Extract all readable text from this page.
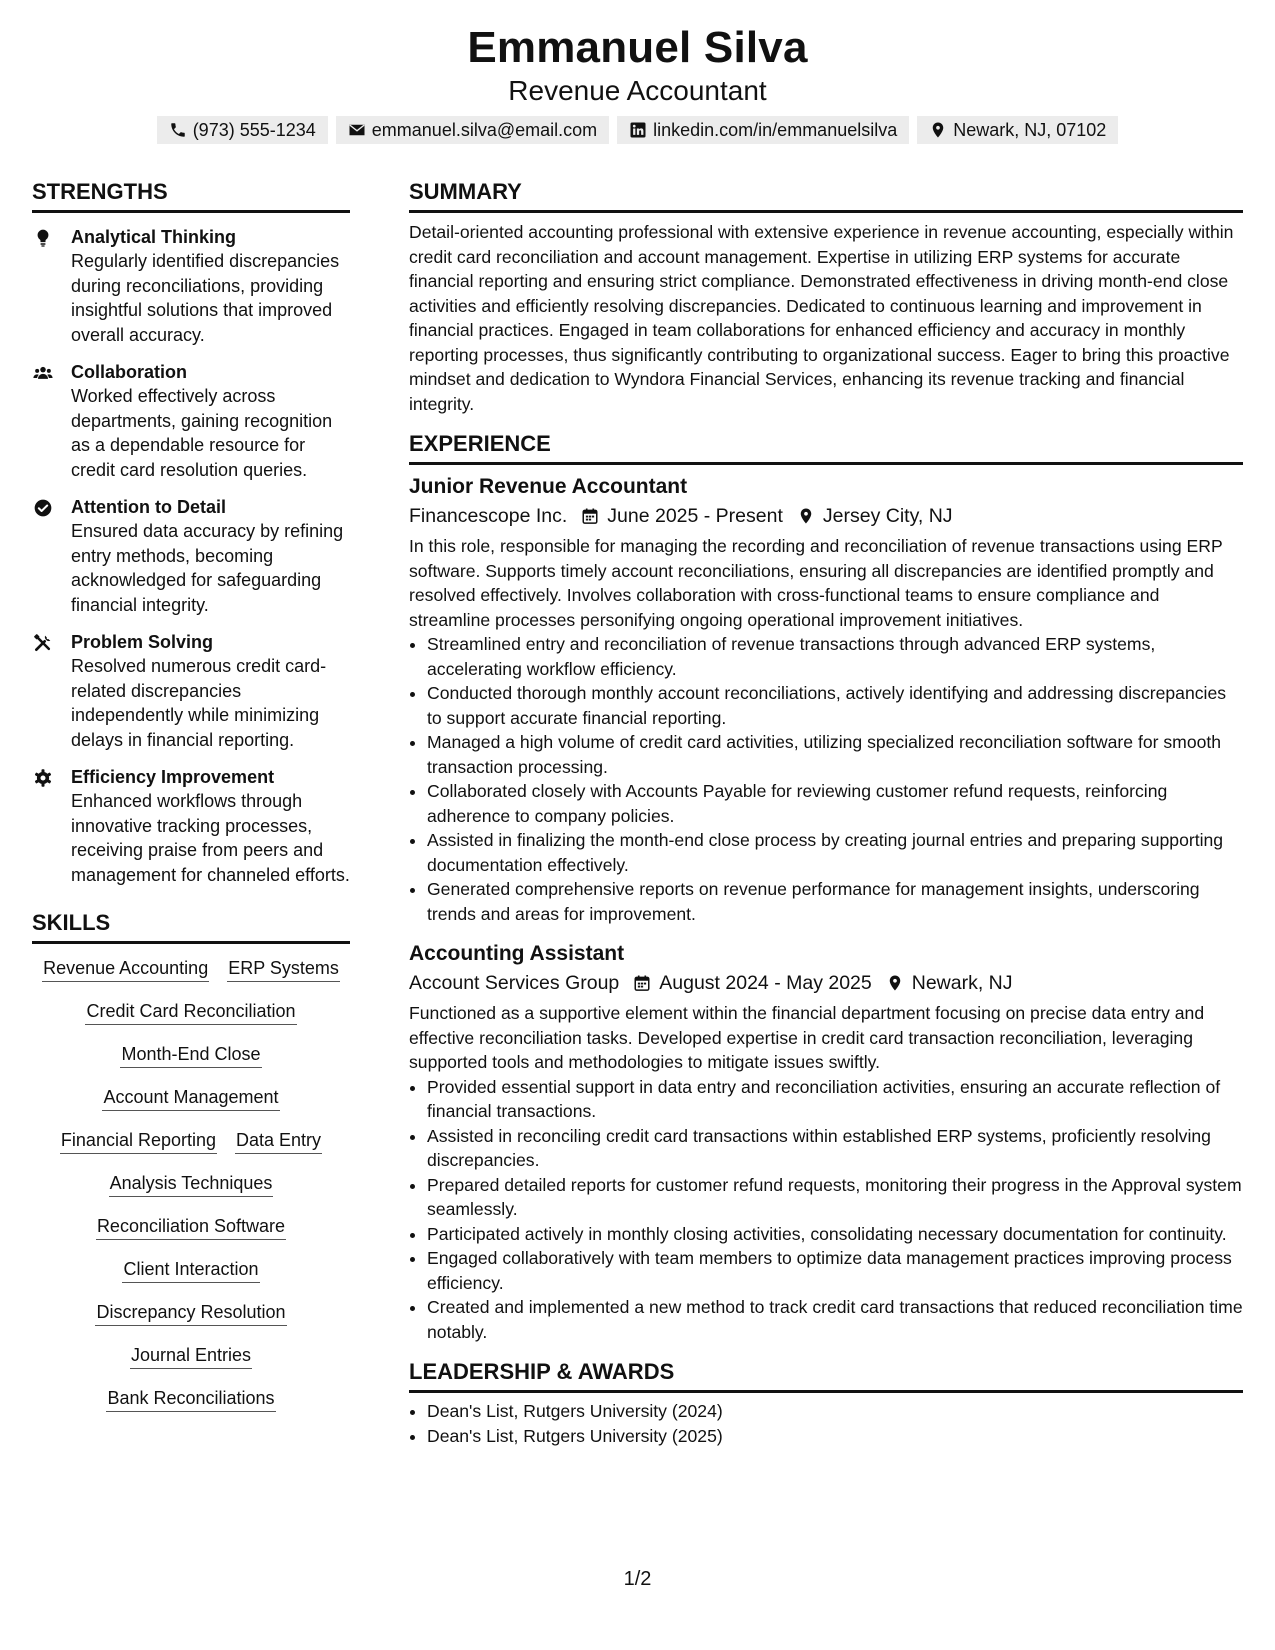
Emmanuel Silva
Revenue Accountant
(973) 555-1234	emmanuel.silva@email.com	linkedin.com/in/emmanuelsilva	Newark, NJ, 07102
STRENGTHS
Analytical Thinking
Regularly identified discrepancies during reconciliations, providing insightful solutions that improved overall accuracy.
Collaboration
Worked effectively across departments, gaining recognition as a dependable resource for credit card resolution queries.
Attention to Detail
Ensured data accuracy by refining entry methods, becoming acknowledged for safeguarding financial integrity.
Problem Solving
Resolved numerous credit card-related discrepancies independently while minimizing delays in financial reporting.
Efficiency Improvement
Enhanced workflows through innovative tracking processes, receiving praise from peers and management for channeled efforts.
SKILLS
Revenue Accounting ERP Systems
Credit Card Reconciliation
Month-End Close
Account Management
Financial Reporting Data Entry
Analysis Techniques
Reconciliation Software
Client Interaction
Discrepancy Resolution
Journal Entries
Bank Reconciliations
SUMMARY

Detail-oriented accounting professional with extensive experience in revenue accounting, especially within credit card reconciliation and account management. Expertise in utilizing ERP systems for accurate financial reporting and ensuring strict compliance. Demonstrated effectiveness in driving month-end close activities and efficiently resolving discrepancies. Dedicated to continuous learning and improvement in financial practices. Engaged in team collaborations for enhanced efficiency and accuracy in monthly reporting processes, thus significantly contributing to organizational success. Eager to bring this proactive mindset and dedication to Wyndora Financial Services, enhancing its revenue tracking and financial integrity.

EXPERIENCE
Junior Revenue Accountant
Financescope Inc. June 2025 - Present Jersey City, NJ
In this role, responsible for managing the recording and reconciliation of revenue transactions using ERP software. Supports timely account reconciliations, ensuring all discrepancies are identified promptly and resolved effectively. Involves collaboration with cross-functional teams to ensure compliance and streamline processes personifying ongoing operational improvement initiatives.
• Streamlined entry and reconciliation of revenue transactions through advanced ERP systems, accelerating workflow efficiency.
• Conducted thorough monthly account reconciliations, actively identifying and addressing discrepancies to support accurate financial reporting.
• Managed a high volume of credit card activities, utilizing specialized reconciliation software for smooth transaction processing.
• Collaborated closely with Accounts Payable for reviewing customer refund requests, reinforcing adherence to company policies.
• Assisted in finalizing the month-end close process by creating journal entries and preparing supporting documentation effectively.
• Generated comprehensive reports on revenue performance for management insights, underscoring trends and areas for improvement.
Accounting Assistant
Account Services Group August 2024 - May 2025 Newark, NJ
Functioned as a supportive element within the financial department focusing on precise data entry and effective reconciliation tasks. Developed expertise in credit card transaction reconciliation, leveraging supported tools and methodologies to mitigate issues swiftly.
• Provided essential support in data entry and reconciliation activities, ensuring an accurate reflection of financial transactions.
• Assisted in reconciling credit card transactions within established ERP systems, proficiently resolving discrepancies.
• Prepared detailed reports for customer refund requests, monitoring their progress in the Approval system seamlessly.
• Participated actively in monthly closing activities, consolidating necessary documentation for continuity.
• Engaged collaboratively with team members to optimize data management practices improving process efficiency.
• Created and implemented a new method to track credit card transactions that reduced reconciliation time notably.
LEADERSHIP & AWARDS
• Dean's List, Rutgers University (2024)
• Dean's List, Rutgers University (2025)
1/2
